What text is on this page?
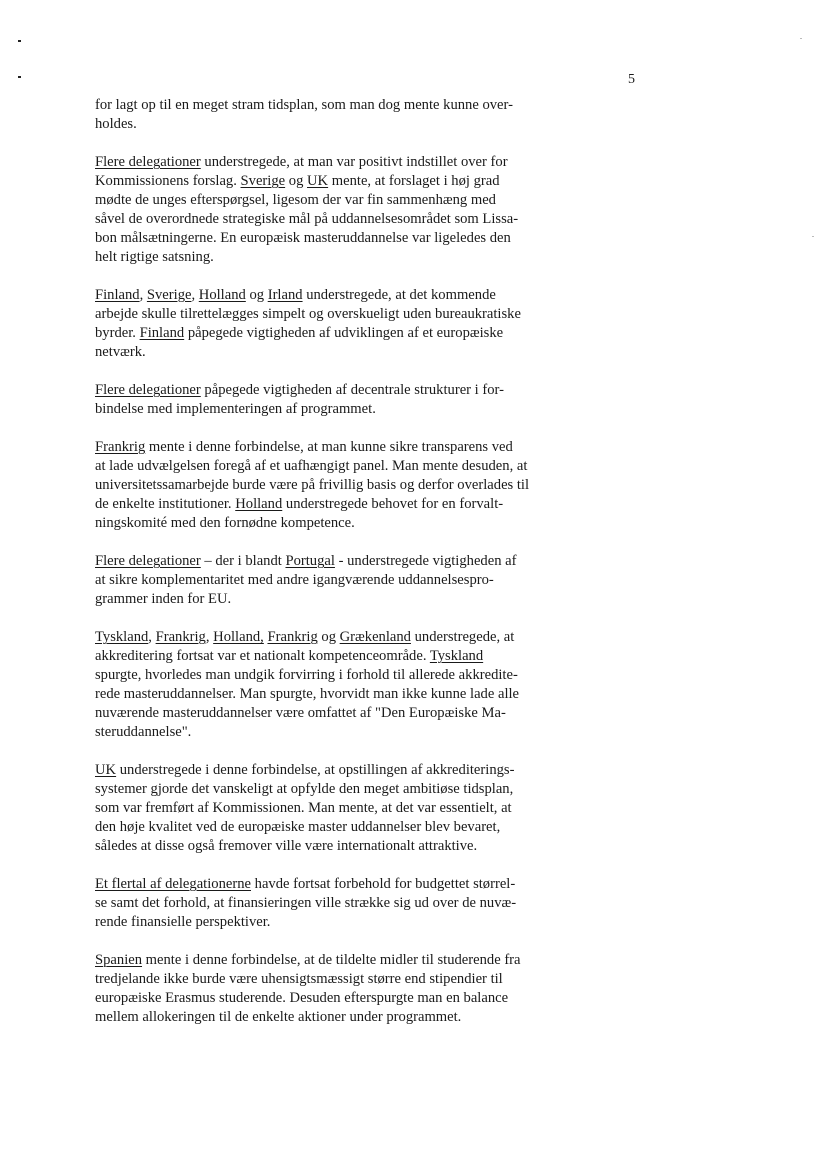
5

for lagt op til en meget stram tidsplan, som man dog mente kunne over-
holdes.

Flere delegationer understregede, at man var positivt indstillet over for
Kommissionens forslag. Sverige og UK mente, at forslaget i høj grad
mødte de unges efterspørgsel, ligesom der var fin sammenhæng med
såvel de overordnede strategiske mål på uddannelsesområdet som Lissa-
bon målsætningerne. En europæisk masteruddannelse var ligeledes den
helt rigtige satsning.

Finland, Sverige, Holland og Irland understregede, at det kommende
arbejde skulle tilrettelægges simpelt og overskueligt uden bureaukratiske
byrder. Finland påpegede vigtigheden af udviklingen af et europæiske
netværk.

Flere delegationer påpegede vigtigheden af decentrale strukturer i for-
bindelse med implementeringen af programmet.

Frankrig mente i denne forbindelse, at man kunne sikre transparens ved
at lade udvælgelsen foregå af et uafhængigt panel. Man mente desuden, at
universitetssamarbejde burde være på frivillig basis og derfor overlades til
de enkelte institutioner. Holland understregede behovet for en forvalt-
ningskomité med den fornødne kompetence.

Flere delegationer – der i blandt Portugal - understregede vigtigheden af
at sikre komplementaritet med andre igangværende uddannelsespro-
grammer inden for EU.

Tyskland, Frankrig, Holland, Frankrig og Grækenland understregede, at
akkreditering fortsat var et nationalt kompetenceområde. Tyskland
spurgte, hvorledes man undgik forvirring i forhold til allerede akkredite-
rede masteruddannelser. Man spurgte, hvorvidt man ikke kunne lade alle
nuværende masteruddannelser være omfattet af "Den Europæiske Ma-
steruddannelse".

UK understregede i denne forbindelse, at opstillingen af akkrediterings-
systemer gjorde det vanskeligt at opfylde den meget ambitiøse tidsplan,
som var fremført af Kommissionen. Man mente, at det var essentielt, at
den høje kvalitet ved de europæiske master uddannelser blev bevaret,
således at disse også fremover ville være internationalt attraktive.

Et flertal af delegationerne havde fortsat forbehold for budgettet størrel-
se samt det forhold, at finansieringen ville strække sig ud over de nuvæ-
rende finansielle perspektiver.

Spanien mente i denne forbindelse, at de tildelte midler til studerende fra
tredjelande ikke burde være uhensigtsmæssigt større end stipendier til
europæiske Erasmus studerende. Desuden efterspurgte man en balance
mellem allokeringen til de enkelte aktioner under programmet.
